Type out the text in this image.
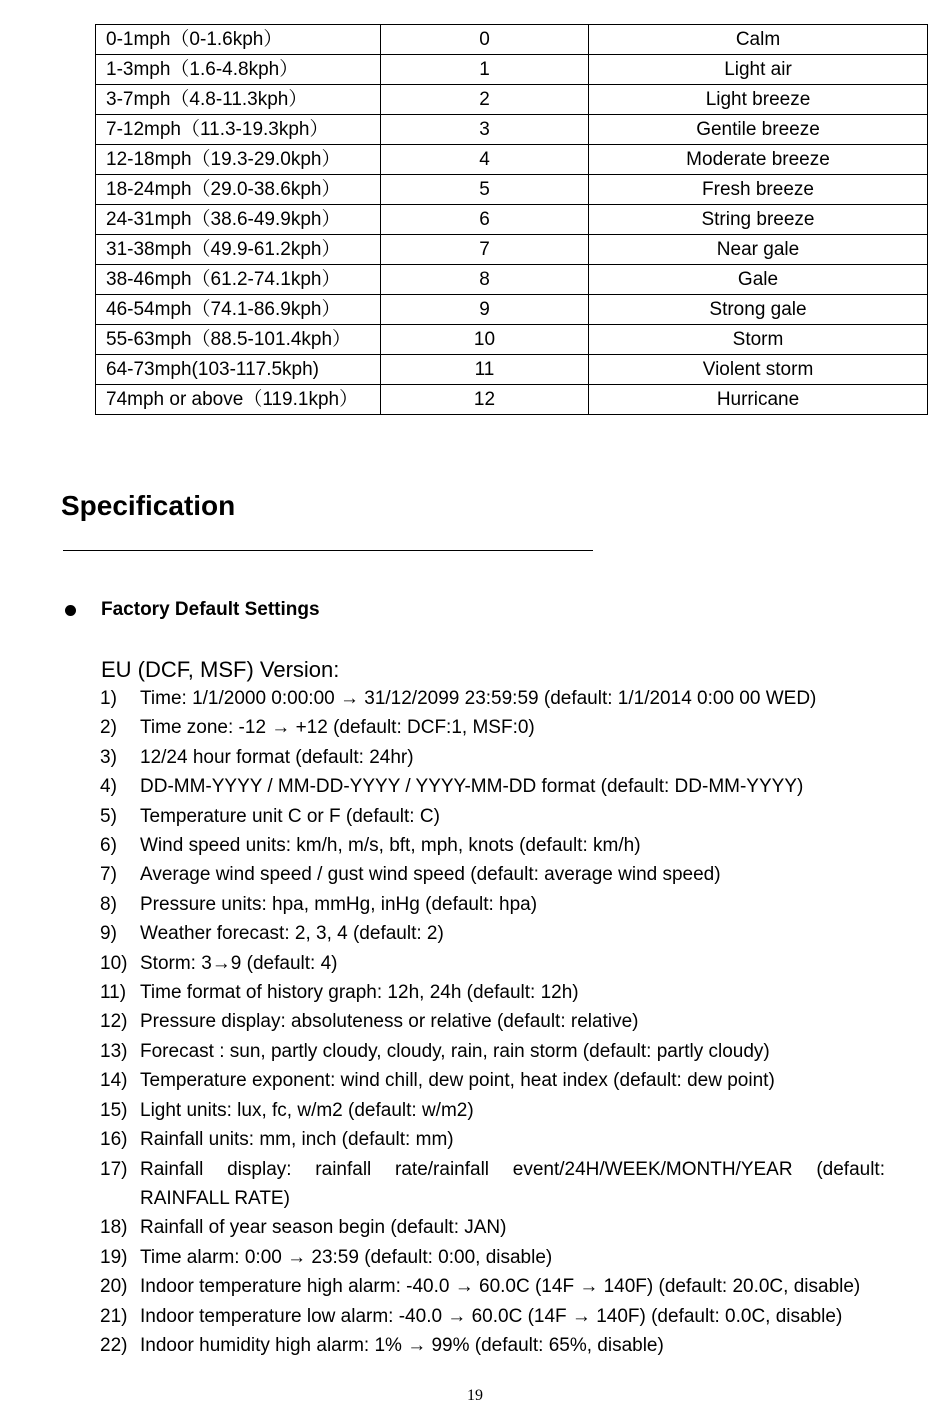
0-1mph（0-1.6kph）	0	Calm
1-3mph（1.6-4.8kph）	1	Light air
3-7mph（4.8-11.3kph）	2	Light breeze
7-12mph（11.3-19.3kph）	3	Gentile breeze
12-18mph（19.3-29.0kph）	4	Moderate breeze
18-24mph（29.0-38.6kph）	5	Fresh breeze
24-31mph（38.6-49.9kph）	6	String breeze
31-38mph（49.9-61.2kph）	7	Near gale
38-46mph（61.2-74.1kph）	8	Gale
46-54mph（74.1-86.9kph）	9	Strong gale
55-63mph（88.5-101.4kph）	10	Storm
64-73mph(103-117.5kph)	11	Violent storm
74mph or above（119.1kph）	12	Hurricane
Specification
Factory Default Settings
EU (DCF, MSF) Version:
1)	Time: 1/1/2000 0:00:00 → 31/12/2099 23:59:59 (default: 1/1/2014 0:00 00 WED)
2)	Time zone: -12 → +12 (default: DCF:1, MSF:0)
3)	12/24 hour format (default: 24hr)
4)	DD-MM-YYYY / MM-DD-YYYY / YYYY-MM-DD format (default: DD-MM-YYYY)
5)	Temperature unit C or F (default: C)
6)	Wind speed units: km/h, m/s, bft, mph, knots (default: km/h)
7)	Average wind speed / gust wind speed (default: average wind speed)
8)	Pressure units: hpa, mmHg, inHg (default: hpa)
9)	Weather forecast: 2, 3, 4 (default: 2)
10) Storm: 3→9 (default: 4)
11) Time format of history graph: 12h, 24h (default: 12h)
12) Pressure display: absoluteness or relative (default: relative)
13) Forecast : sun, partly cloudy, cloudy, rain, rain storm (default: partly cloudy)
14) Temperature exponent: wind chill, dew point, heat index (default: dew point)
15) Light units: lux, fc, w/m2 (default: w/m2)
16) Rainfall units: mm, inch (default: mm)
17) Rainfall display: rainfall rate/rainfall event/24H/WEEK/MONTH/YEAR (default: RAINFALL RATE)
18) Rainfall of year season begin (default: JAN)
19) Time alarm: 0:00 → 23:59 (default: 0:00, disable)
20) Indoor temperature high alarm: -40.0 → 60.0C (14F → 140F) (default: 20.0C, disable)
21) Indoor temperature low alarm: -40.0 → 60.0C (14F → 140F) (default: 0.0C, disable)
22) Indoor humidity high alarm: 1% → 99% (default: 65%, disable)
19
